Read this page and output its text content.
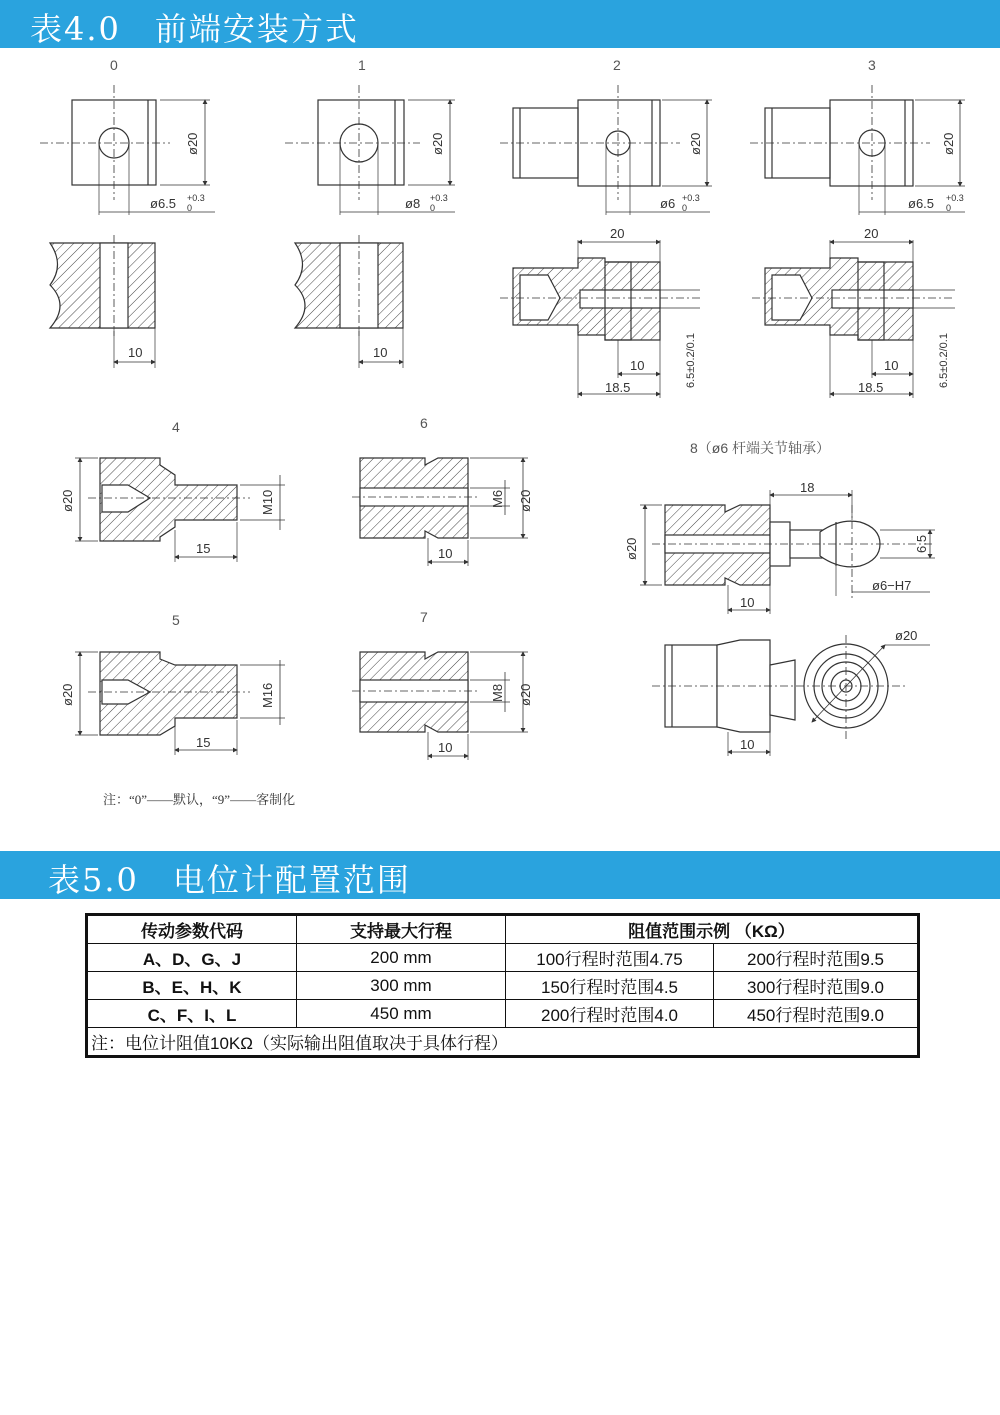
表4.0　前端安装方式
0	1	2	3
4	6
8（ø6 杆端关节轴承）
5	7
ø20
ø6.5 +0.3
0
10
ø20
ø8 +0.3
0
10
ø20
ø6 +0.3
0
20
10
18.5	6.5±0.2/0.1
ø20
ø6.5 +0.3
0
20
10
18.5	6.5±0.2/0.1
ø20	M10
15
ø20	M16
15
ø20
M6
10
ø20
M8
10
ø20
18
6.5
ø6−H7
10
ø20
10
注：“0”——默认，“9”——客制化
表5.0　电位计配置范围
传动参数代码	支持最大行程	阻值范围示例 （KΩ）	
A、D、G、J	200 mm	100行程时范围4.75	200行程时范围9.5
B、E、H、K	300 mm	150行程时范围4.5	300行程时范围9.0
C、F、I、L	450 mm	200行程时范围4.0	450行程时范围9.0
注：电位计阻值10KΩ（实际输出阻值取决于具体行程）			
